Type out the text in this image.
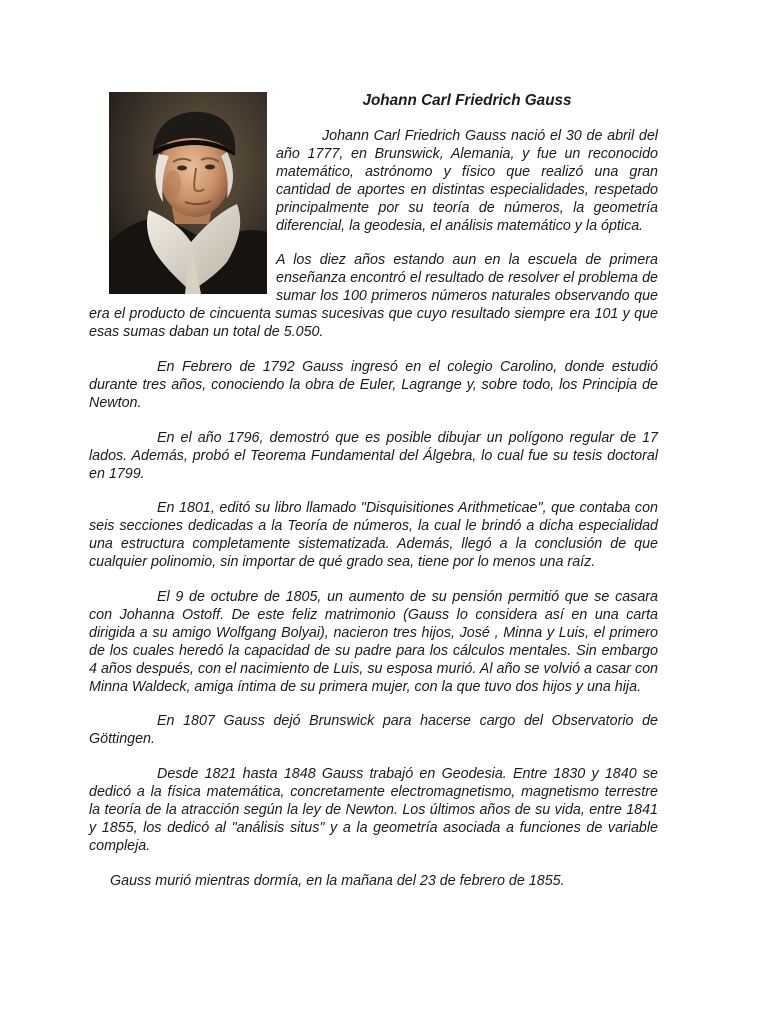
Johann Carl Friedrich Gauss

Johann Carl Friedrich Gauss nació el 30 de abril del año 1777, en Brunswick, Alemania, y fue un reconocido matemático, astrónomo y físico que realizó una gran cantidad de aportes en distintas especialidades, respetado principalmente por su teoría de números, la geometría diferencial, la geodesia, el análisis matemático y la óptica.

A los diez años estando aun en la escuela de primera enseñanza encontró el resultado de resolver el problema de sumar los 100 primeros números naturales observando que era el producto de cincuenta sumas sucesivas que cuyo resultado siempre era 101 y que esas sumas daban un total de 5.050.

En Febrero de 1792 Gauss ingresó en el colegio Carolino, donde estudió durante tres años, conociendo la obra de Euler, Lagrange y, sobre todo, los Principia de Newton.

En el año 1796, demostró que es posible dibujar un polígono regular de 17 lados. Además, probó el Teorema Fundamental del Álgebra, lo cual fue su tesis doctoral en 1799.

En 1801, editó su libro llamado "Disquisitiones Arithmeticae", que contaba con seis secciones dedicadas a la Teoría de números, la cual le brindó a dicha especialidad una estructura completamente sistematizada. Además, llegó a la conclusión de que cualquier polinomio, sin importar de qué grado sea, tiene por lo menos una raíz.

El 9 de octubre de 1805, un aumento de su pensión permitió que se casara con Johanna Ostoff. De este feliz matrimonio (Gauss lo considera así en una carta dirigida a su amigo Wolfgang Bolyai), nacieron tres hijos, José , Minna y Luis, el primero de los cuales heredó la capacidad de su padre para los cálculos mentales. Sin embargo 4 años después, con el nacimiento de Luis, su esposa murió. Al año se volvió a casar con Minna Waldeck, amiga íntima de su primera mujer, con la que tuvo dos hijos y una hija.

En 1807 Gauss dejó Brunswick para hacerse cargo del Observatorio de Göttingen.

Desde 1821 hasta 1848 Gauss trabajó en Geodesia. Entre 1830 y 1840 se dedicó a la física matemática, concretamente electromagnetismo, magnetismo terrestre la teoría de la atracción según la ley de Newton. Los últimos años de su vida, entre 1841 y 1855, los dedicó al "análisis situs" y a la geometría asociada a funciones de variable compleja.

Gauss murió mientras dormía, en la mañana del 23 de febrero de 1855.
